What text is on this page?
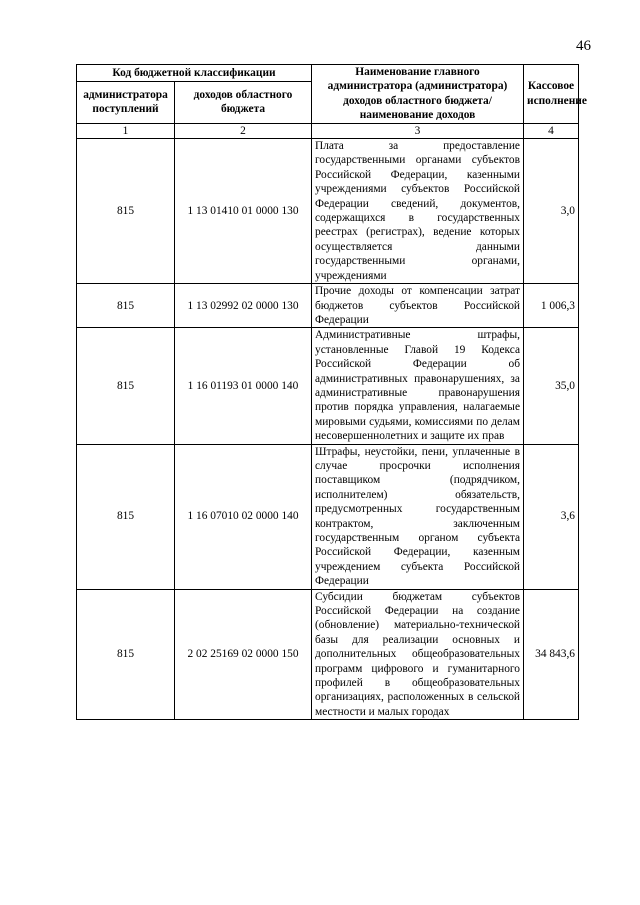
46
Код бюджетной классификации		Наименование главного администратора (администратора) доходов областного бюджета/ наименование доходов	Кассовое исполнение
администратора поступлений	доходов областного бюджета		
1	2	3	4
815	1 13 01410 01 0000 130	Плата за предоставление государственными органами субъектов Российской Федерации, казенными учреждениями субъектов Российской Федерации сведений, документов, содержащихся в государственных реестрах (регистрах), ведение которых осуществляется данными государственными органами, учреждениями	3,0
815	1 13 02992 02 0000 130	Прочие доходы от компенсации затрат бюджетов субъектов Российской Федерации	1 006,3
815	1 16 01193 01 0000 140	Административные штрафы, установленные Главой 19 Кодекса Российской Федерации об административных правонарушениях, за административные правонарушения против порядка управления, налагаемые мировыми судьями, комиссиями по делам несовершеннолетних и защите их прав	35,0
815	1 16 07010 02 0000 140	Штрафы, неустойки, пени, уплаченные в случае просрочки исполнения поставщиком (подрядчиком, исполнителем) обязательств, предусмотренных государственным контрактом, заключенным государственным органом субъекта Российской Федерации, казенным учреждением субъекта Российской Федерации	3,6
815	2 02 25169 02 0000 150	Субсидии бюджетам субъектов Российской Федерации на создание (обновление) материально-технической базы для реализации основных и дополнительных общеобразовательных программ цифрового и гуманитарного профилей в общеобразовательных организациях, расположенных в сельской местности и малых городах	34 843,6
